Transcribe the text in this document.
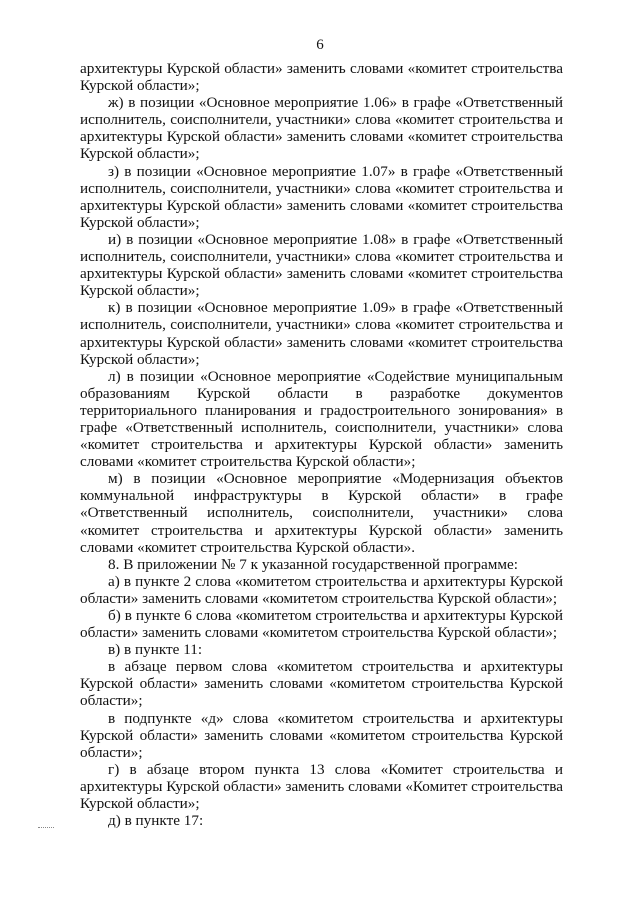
6

архитектуры Курской области» заменить словами «комитет строительства Курской области»;

ж) в позиции «Основное мероприятие 1.06» в графе «Ответственный исполнитель, соисполнители, участники» слова «комитет строительства и архитектуры Курской области» заменить словами «комитет строительства Курской области»;

з) в позиции «Основное мероприятие 1.07» в графе «Ответственный исполнитель, соисполнители, участники» слова «комитет строительства и архитектуры Курской области» заменить словами «комитет строительства Курской области»;

и) в позиции «Основное мероприятие 1.08» в графе «Ответственный исполнитель, соисполнители, участники» слова «комитет строительства и архитектуры Курской области» заменить словами «комитет строительства Курской области»;

к) в позиции «Основное мероприятие 1.09» в графе «Ответственный исполнитель, соисполнители, участники» слова «комитет строительства и архитектуры Курской области» заменить словами «комитет строительства Курской области»;

л) в позиции «Основное мероприятие «Содействие муниципальным образованиям Курской области в разработке документов территориального планирования и градостроительного зонирования» в графе «Ответственный исполнитель, соисполнители, участники» слова «комитет строительства и архитектуры Курской области» заменить словами «комитет строительства Курской области»;

м) в позиции «Основное мероприятие «Модернизация объектов коммунальной инфраструктуры в Курской области» в графе «Ответственный исполнитель, соисполнители, участники» слова «комитет строительства и архитектуры Курской области» заменить словами «комитет строительства Курской области».

8. В приложении № 7 к указанной государственной программе:

а) в пункте 2 слова «комитетом строительства и архитектуры Курской области» заменить словами «комитетом строительства Курской области»;

б) в пункте 6 слова «комитетом строительства и архитектуры Курской области» заменить словами «комитетом строительства Курской области»;

в) в пункте 11:

в абзаце первом слова «комитетом строительства и архитектуры Курской области» заменить словами «комитетом строительства Курской области»;

в подпункте «д» слова «комитетом строительства и архитектуры Курской области» заменить словами «комитетом строительства Курской области»;

г) в абзаце втором пункта 13 слова «Комитет строительства и архитектуры Курской области» заменить словами «Комитет строительства Курской области»;

д) в пункте 17:
